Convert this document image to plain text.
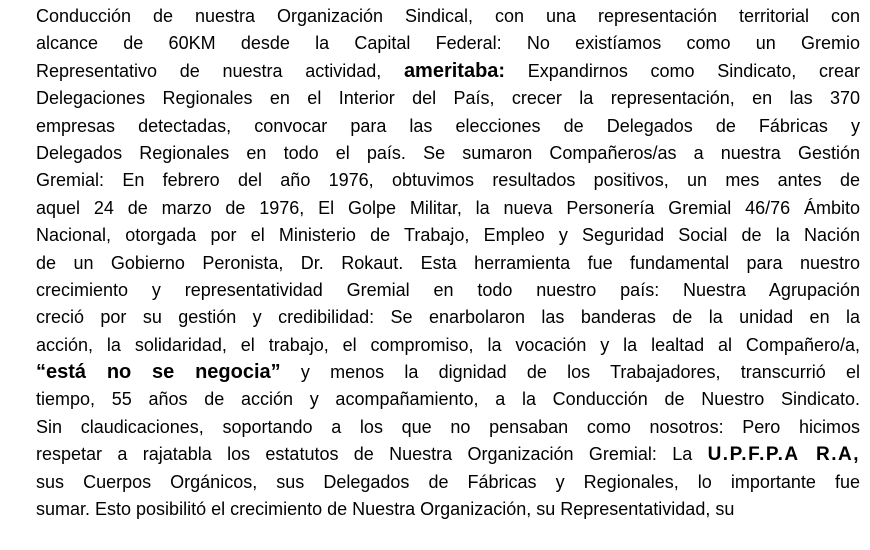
Conducción de nuestra Organización Sindical, con una representación territorial con
alcance de 60KM desde la Capital Federal: No existíamos como un Gremio
Representativo de nuestra actividad, ameritaba: Expandirnos como Sindicato, crear
Delegaciones Regionales en el Interior del País, crecer la representación, en las 370
empresas detectadas, convocar para las elecciones de Delegados de Fábricas y
Delegados Regionales en todo el país. Se sumaron Compañeros/as a nuestra Gestión
Gremial: En febrero del año 1976, obtuvimos resultados positivos, un mes antes de
aquel 24 de marzo de 1976, El Golpe Militar, la nueva Personería Gremial 46/76 Ámbito
Nacional, otorgada por el Ministerio de Trabajo, Empleo y Seguridad Social de la Nación
de un Gobierno Peronista, Dr. Rokaut. Esta herramienta fue fundamental para nuestro
crecimiento y representatividad Gremial en todo nuestro país: Nuestra Agrupación
creció por su gestión y credibilidad: Se enarbolaron las banderas de la unidad en la
acción, la solidaridad, el trabajo, el compromiso, la vocación y la lealtad al Compañero/a,
“está no se negocia” y menos la dignidad de los Trabajadores, transcurrió el
tiempo, 55 años de acción y acompañamiento, a la Conducción de Nuestro Sindicato.
Sin claudicaciones, soportando a los que no pensaban como nosotros: Pero hicimos
respetar a rajatabla los estatutos de Nuestra Organización Gremial: La U.P.F.P.A R.A,
sus Cuerpos Orgánicos, sus Delegados de Fábricas y Regionales, lo importante fue
sumar. Esto posibilitó el crecimiento de Nuestra Organización, su Representatividad, su
